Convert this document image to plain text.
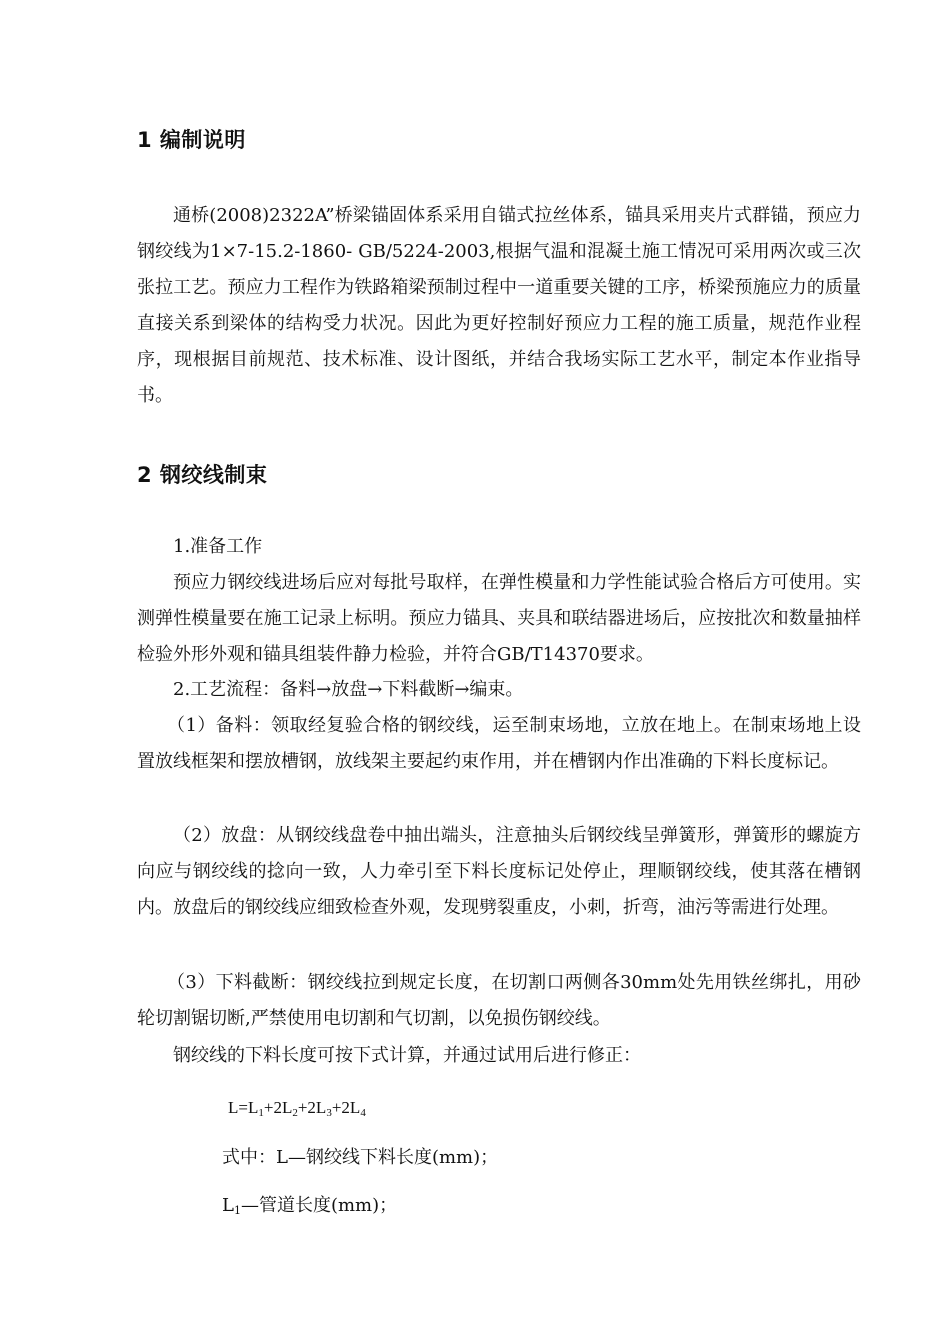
1 编制说明

通桥(2008)2322A”桥梁锚固体系采用自锚式拉丝体系，锚具采用夹片式群锚，预应力钢绞线为1×7-15.2-1860- GB/5224-2003,根据气温和混凝土施工情况可采用两次或三次张拉工艺。预应力工程作为铁路箱梁预制过程中一道重要关键的工序，桥梁预施应力的质量直接关系到梁体的结构受力状况。因此为更好控制好预应力工程的施工质量，规范作业程序，现根据目前规范、技术标准、设计图纸，并结合我场实际工艺水平，制定本作业指导书。

2 钢绞线制束

1.准备工作

预应力钢绞线进场后应对每批号取样，在弹性模量和力学性能试验合格后方可使用。实测弹性模量要在施工记录上标明。预应力锚具、夹具和联结器进场后，应按批次和数量抽样检验外形外观和锚具组装件静力检验，并符合GB/T14370要求。

2.工艺流程：备料→放盘→下料截断→编束。

（1）备料：领取经复验合格的钢绞线，运至制束场地，立放在地上。在制束场地上设置放线框架和摆放槽钢，放线架主要起约束作用，并在槽钢内作出准确的下料长度标记。

（2）放盘：从钢绞线盘卷中抽出端头，注意抽头后钢绞线呈弹簧形，弹簧形的螺旋方向应与钢绞线的捻向一致，人力牵引至下料长度标记处停止，理顺钢绞线，使其落在槽钢内。放盘后的钢绞线应细致检查外观，发现劈裂重皮，小刺，折弯，油污等需进行处理。

（3）下料截断：钢绞线拉到规定长度，在切割口两侧各30mm处先用铁丝绑扎，用砂轮切割锯切断,严禁使用电切割和气切割，以免损伤钢绞线。

钢绞线的下料长度可按下式计算，并通过试用后进行修正：

$L=L_1+2L_2+2L_3+2L_4$

式中：L—钢绞线下料长度(mm)；

$L_1—$管道长度(mm)；
